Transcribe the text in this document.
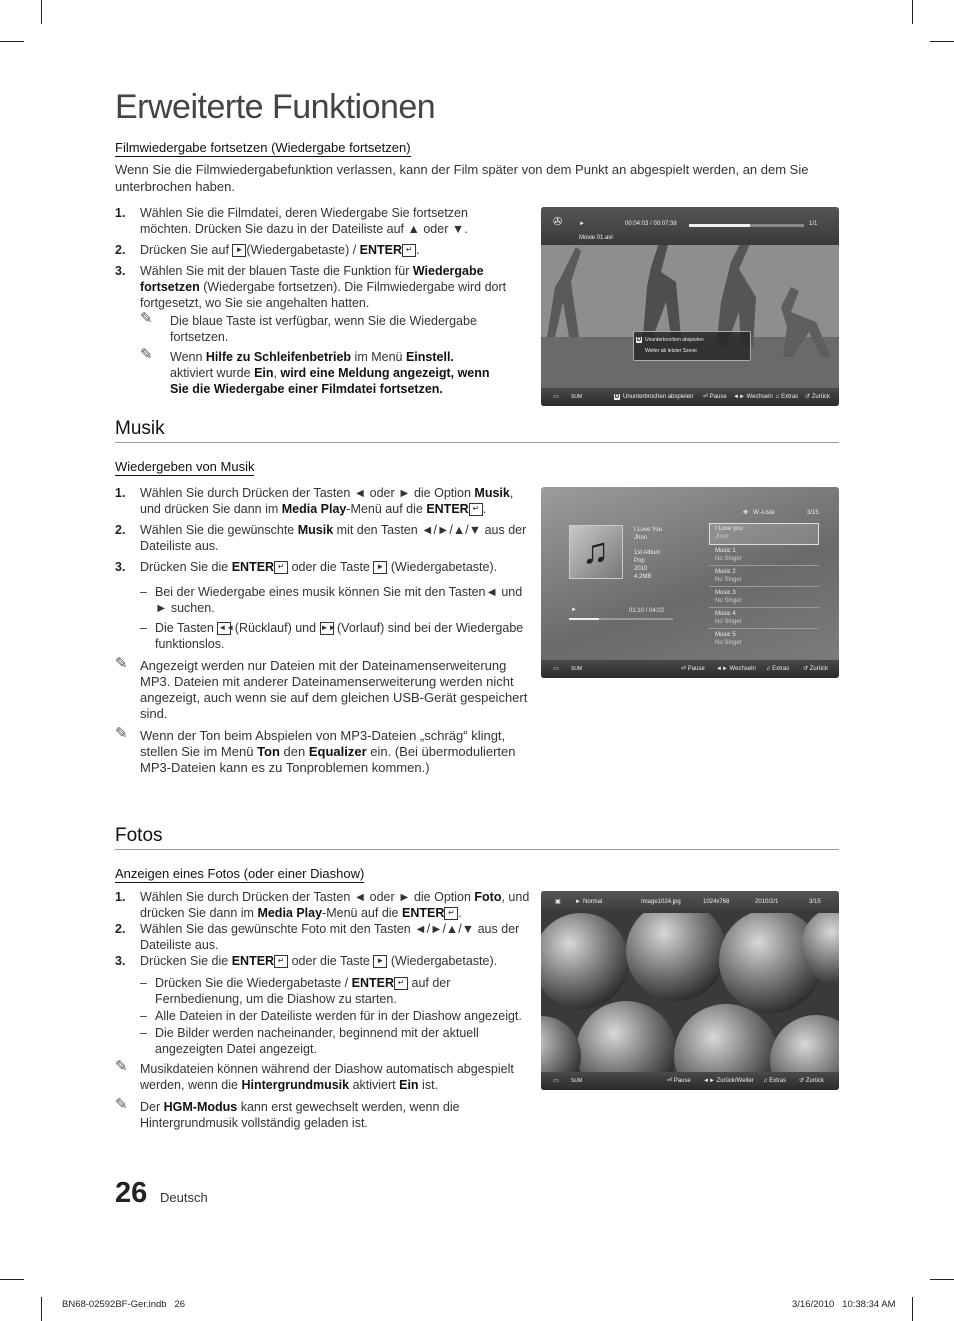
Erweiterte Funktionen
Filmwiedergabe fortsetzen (Wiedergabe fortsetzen)
Wenn Sie die Filmwiedergabefunktion verlassen, kann der Film später von dem Punkt an abgespielt werden, an dem Sie unterbrochen haben.
1. Wählen Sie die Filmdatei, deren Wiedergabe Sie fortsetzen möchten. Drücken Sie dazu in der Dateiliste auf ▲ oder ▼.
2. Drücken Sie auf ► (Wiedergabetaste) / ENTER ↵ .
3. Wählen Sie mit der blauen Taste die Funktion für Wiedergabe fortsetzen (Wiedergabe fortsetzen). Die Filmwiedergabe wird dort fortgesetzt, wo Sie sie angehalten hatten.
✎ Die blaue Taste ist verfügbar, wenn Sie die Wiedergabe fortsetzen.
✎ Wenn Hilfe zu Schleifenbetrieb im Menü Einstell. aktiviert wurde Ein, wird eine Meldung angezeigt, wenn Sie die Wiedergabe einer Filmdatei fortsetzen.
✇	►	00:04:03 / 00:07:38	1/1
Movie 01.avi
D Ununterbrochen abspielen
Weiter ab letzter Szene
▭ SUM	D Ununterbrochen abspielen ⏎ Pause ◄► Wechseln ♫ Extras ↺ Zurück
Musik
Wiedergeben von Musik
1. Wählen Sie durch Drücken der Tasten ◄ oder ► die Option Musik, und drücken Sie dann im Media Play-Menü auf die ENTER ↵ .
2. Wählen Sie die gewünschte Musik mit den Tasten ◄/►/▲/▼ aus der Dateiliste aus.
3. Drücken Sie die ENTER ↵ oder die Taste ► (Wiedergabetaste).
– Bei der Wiedergabe eines musik können Sie mit den Tasten◄ und ► suchen.
– Die Tasten ◄◄ (Rücklauf) und ►► (Vorlauf) sind bei der Wiedergabe funktionslos.
✎ Angezeigt werden nur Dateien mit der Dateinamenserweiterung MP3. Dateien mit anderer Dateinamenserweiterung werden nicht angezeigt, auch wenn sie auf dem gleichen USB-Gerät gespeichert sind.
✎ Wenn der Ton beim Abspielen von MP3-Dateien „schräg“ klingt, stellen Sie im Menü Ton den Equalizer ein. (Bei übermodulierten MP3-Dateien kann es zu Tonproblemen kommen.)
✤ W.-Liste	3/15
♫	I Love You
Jhon
1st Album
Pop
2010
4.2MB
►	01:10 / 04:02
I Love you
Jhon
Music 1
No Singer
Music 2
No Singer
Music 3
No Singer
Music 4
No Singer
Music 5
No Singer
▭ SUM	⏎ Pause ◄► Wechseln ♫ Extras ↺ Zurück
Fotos
Anzeigen eines Fotos (oder einer Diashow)
1. Wählen Sie durch Drücken der Tasten ◄ oder ► die Option Foto, und drücken Sie dann im Media Play-Menü auf die ENTER ↵ .
2. Wählen Sie das gewünschte Foto mit den Tasten ◄/►/▲/▼ aus der Dateiliste aus.
3. Drücken Sie die ENTER ↵ oder die Taste ► (Wiedergabetaste).
– Drücken Sie die Wiedergabetaste / ENTER ↵ auf der Fernbedienung, um die Diashow zu starten.
– Alle Dateien in der Dateiliste werden für in der Diashow angezeigt.
– Die Bilder werden nacheinander, beginnend mit der aktuell angezeigten Datei angezeigt.
✎ Musikdateien können während der Diashow automatisch abgespielt werden, wenn die Hintergrundmusik aktiviert Ein ist.
✎ Der HGM-Modus kann erst gewechselt werden, wenn die Hintergrundmusik vollständig geladen ist.
▣ ► Normal	Image1024.jpg	1024x768	2010/2/1	3/15
▭ SUM	⏎ Pause ◄► Zurück/Weiter ♫ Extras ↺ Zurück
26 Deutsch
BN68-02592BF-Ger.indb   26	3/16/2010   10:38:34 AM
